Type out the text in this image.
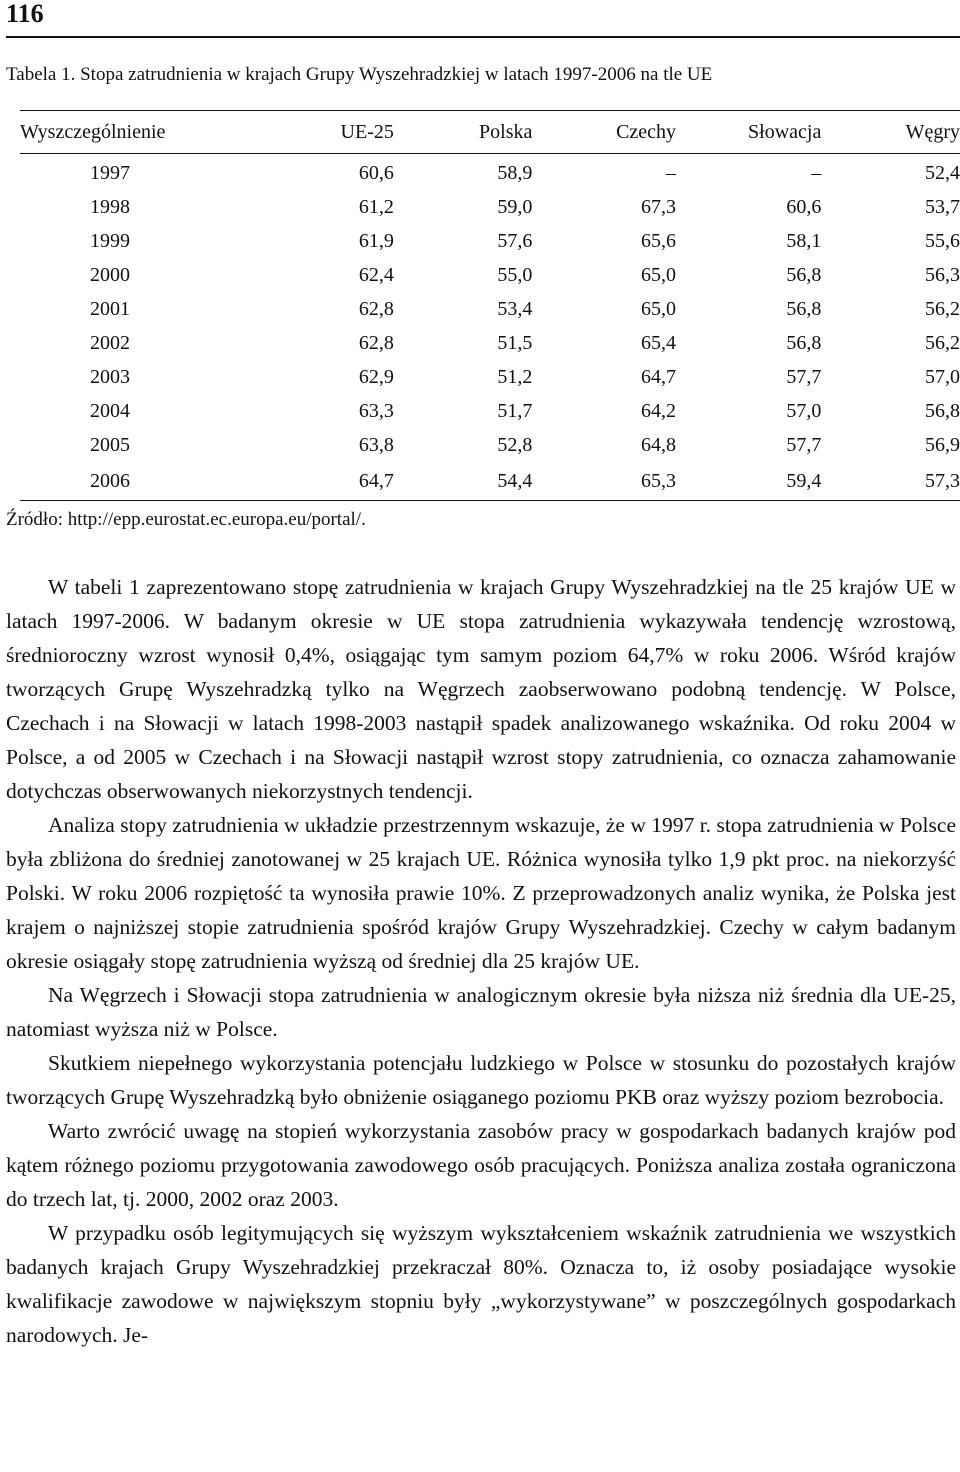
116
Tabela 1. Stopa zatrudnienia w krajach Grupy Wyszehradzkiej w latach 1997-2006 na tle UE
Wyszczególnienie	UE-25	Polska	Czechy	Słowacja	Węgry
1997	60,6	58,9	–	–	52,4
1998	61,2	59,0	67,3	60,6	53,7
1999	61,9	57,6	65,6	58,1	55,6
2000	62,4	55,0	65,0	56,8	56,3
2001	62,8	53,4	65,0	56,8	56,2
2002	62,8	51,5	65,4	56,8	56,2
2003	62,9	51,2	64,7	57,7	57,0
2004	63,3	51,7	64,2	57,0	56,8
2005	63,8	52,8	64,8	57,7	56,9
2006	64,7	54,4	65,3	59,4	57,3
Źródło: http://epp.eurostat.ec.europa.eu/portal/.

W tabeli 1 zaprezentowano stopę zatrudnienia w krajach Grupy Wyszehradzkiej na tle 25 krajów UE w latach 1997-2006. W badanym okresie w UE stopa zatrudnienia wykazywała tendencję wzrostową, średnioroczny wzrost wynosił 0,4%, osiągając tym samym poziom 64,7% w roku 2006. Wśród krajów tworzących Grupę Wyszehradzką tylko na Węgrzech zaobserwowano podobną tendencję. W Polsce, Czechach i na Słowacji w latach 1998-2003 nastąpił spadek analizowanego wskaźnika. Od roku 2004 w Polsce, a od 2005 w Czechach i na Słowacji nastąpił wzrost stopy zatrudnienia, co oznacza zahamowanie dotychczas obserwowanych niekorzystnych tendencji.

Analiza stopy zatrudnienia w układzie przestrzennym wskazuje, że w 1997 r. stopa zatrudnienia w Polsce była zbliżona do średniej zanotowanej w 25 krajach UE. Różnica wynosiła tylko 1,9 pkt proc. na niekorzyść Polski. W roku 2006 rozpiętość ta wynosiła prawie 10%. Z przeprowadzonych analiz wynika, że Polska jest krajem o najniższej stopie zatrudnienia spośród krajów Grupy Wyszehradzkiej. Czechy w całym badanym okresie osiągały stopę zatrudnienia wyższą od średniej dla 25 krajów UE.

Na Węgrzech i Słowacji stopa zatrudnienia w analogicznym okresie była niższa niż średnia dla UE-25, natomiast wyższa niż w Polsce.

Skutkiem niepełnego wykorzystania potencjału ludzkiego w Polsce w stosunku do pozostałych krajów tworzących Grupę Wyszehradzką było obniżenie osiąganego poziomu PKB oraz wyższy poziom bezrobocia.

Warto zwrócić uwagę na stopień wykorzystania zasobów pracy w gospodarkach badanych krajów pod kątem różnego poziomu przygotowania zawodowego osób pracujących. Poniższa analiza została ograniczona do trzech lat, tj. 2000, 2002 oraz 2003.

W przypadku osób legitymujących się wyższym wykształceniem wskaźnik zatrudnienia we wszystkich badanych krajach Grupy Wyszehradzkiej przekraczał 80%. Oznacza to, iż osoby posiadające wysokie kwalifikacje zawodowe w największym stopniu były „wykorzystywane” w poszczególnych gospodarkach narodowych. Je-
